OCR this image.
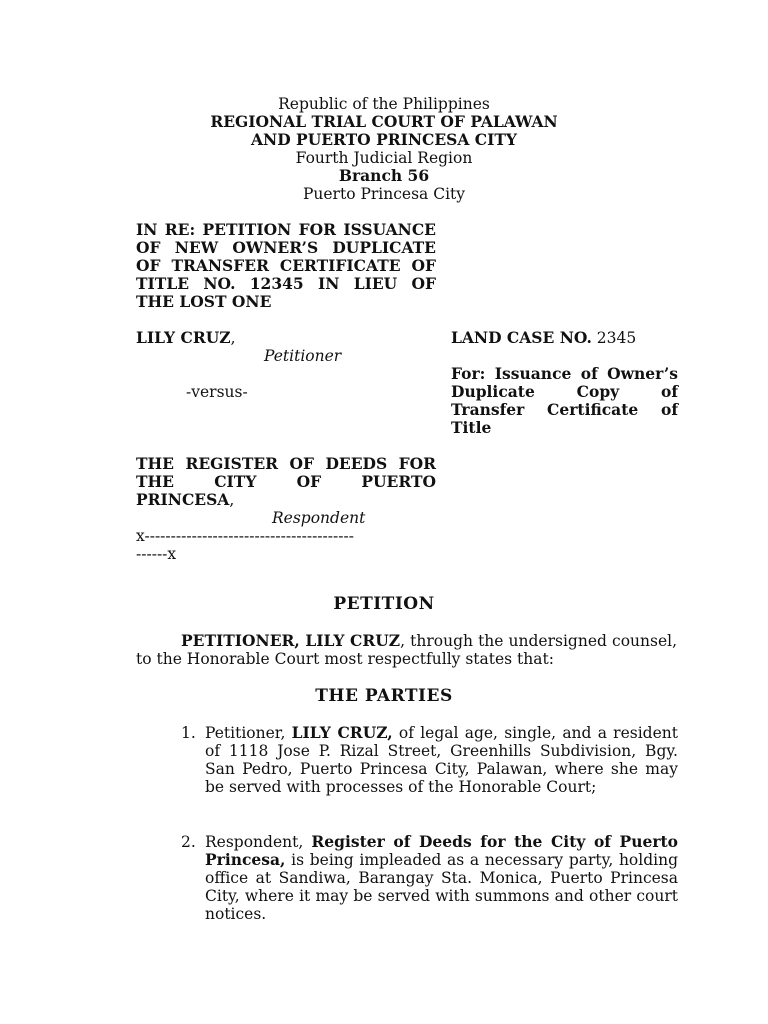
Republic of the Philippines
REGIONAL TRIAL COURT OF PALAWAN
AND PUERTO PRINCESA CITY
Fourth Judicial Region
Branch 56
Puerto Princesa City
IN RE: PETITION FOR ISSUANCE
OF NEW OWNER’S DUPLICATE
OF TRANSFER CERTIFICATE OF
TITLE NO. 12345 IN LIEU OF
THE LOST ONE
LILY CRUZ,
Petitioner
-versus-
THE REGISTER OF DEEDS FOR
THE CITY OF PUERTO
PRINCESA,
Respondent
x----------------------------------------
------x
LAND CASE NO. 2345
For: Issuance of Owner’s
Duplicate Copy of
Transfer Certificate of
Title
PETITION
PETITIONER, LILY CRUZ, through the undersigned counsel, to the Honorable Court most respectfully states that:
THE PARTIES
1. Petitioner, LILY CRUZ, of legal age, single, and a resident of 1118 Jose P. Rizal Street, Greenhills Subdivision, Bgy. San Pedro, Puerto Princesa City, Palawan, where she may be served with processes of the Honorable Court;
2. Respondent, Register of Deeds for the City of Puerto Princesa, is being impleaded as a necessary party, holding office at Sandiwa, Barangay Sta. Monica, Puerto Princesa City, where it may be served with summons and other court notices.
